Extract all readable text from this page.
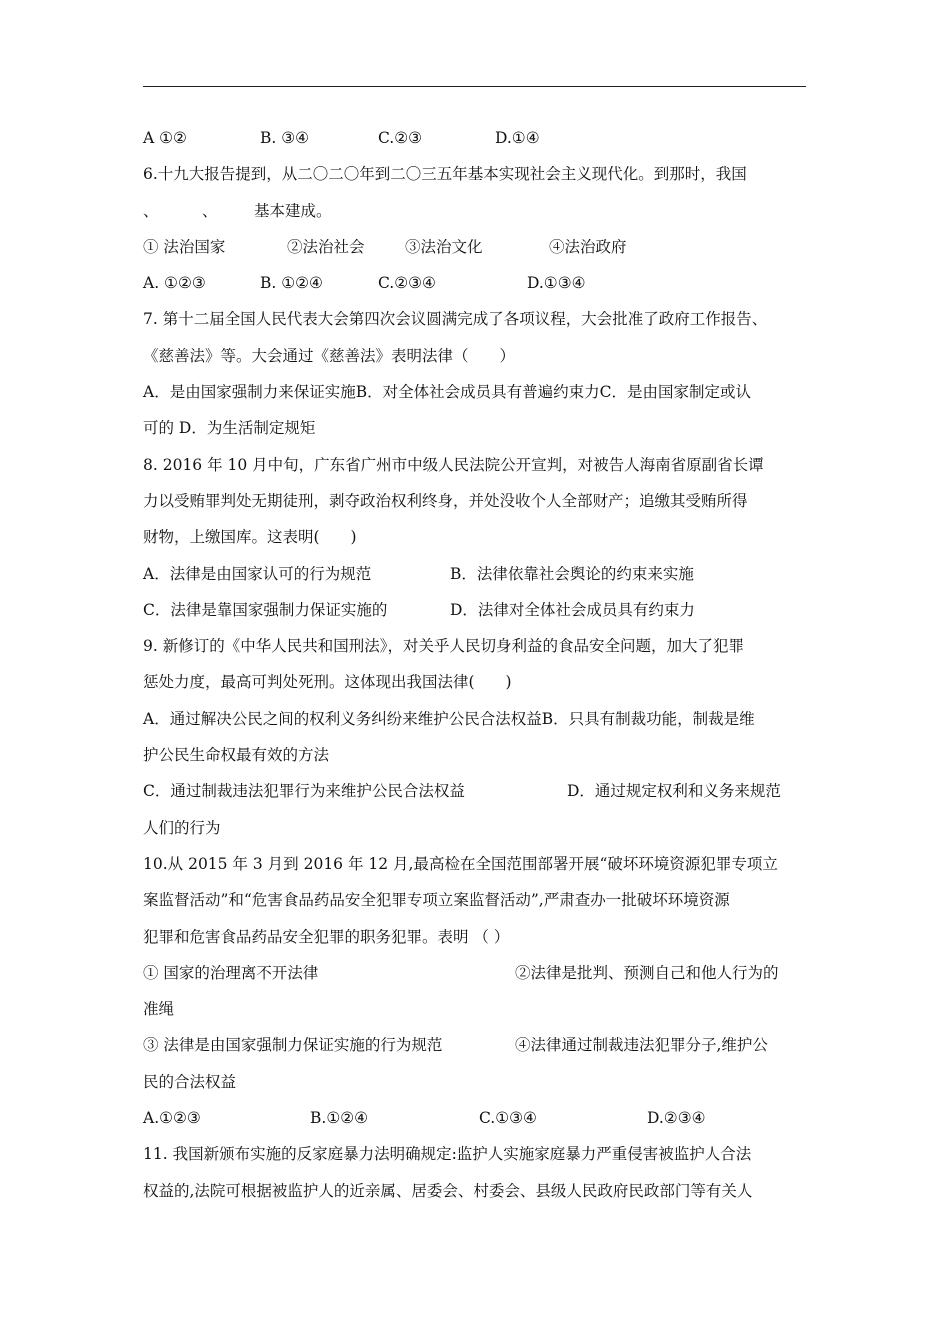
A ①②	B. ③④	C.②③	D.①④
6.十九大报告提到，从二〇二〇年到二〇三五年基本实现社会主义现代化。到那时，我国
、	、 基本建成。
① 法治国家	②法治社会	③法治文化	④法治政府
A. ①②③	B. ①②④	C.②③④	D.①③④
7. 第十二届全国人民代表大会第四次会议圆满完成了各项议程，大会批准了政府工作报告、
《慈善法》等。大会通过《慈善法》表明法律（　　）
A．是由国家强制力来保证实施B．对全体社会成员具有普遍约束力C．是由国家制定或认
可的 D．为生活制定规矩
8. 2016 年 10 月中旬，广东省广州市中级人民法院公开宣判，对被告人海南省原副省长谭
力以受贿罪判处无期徒刑，剥夺政治权利终身，并处没收个人全部财产；追缴其受贿所得
财物，上缴国库。这表明(　　)
A．法律是由国家认可的行为规范	B．法律依靠社会舆论的约束来实施
C．法律是靠国家强制力保证实施的	D．法律对全体社会成员具有约束力
9. 新修订的《中华人民共和国刑法》，对关乎人民切身利益的食品安全问题，加大了犯罪
惩处力度，最高可判处死刑。这体现出我国法律(　　)
A．通过解决公民之间的权利义务纠纷来维护公民合法权益B．只具有制裁功能，制裁是维
护公民生命权最有效的方法
C．通过制裁违法犯罪行为来维护公民合法权益	D．通过规定权利和义务来规范
人们的行为
10.从 2015 年 3 月到 2016 年 12 月,最高检在全国范围部署开展“破坏环境资源犯罪专项立
案监督活动”和“危害食品药品安全犯罪专项立案监督活动”,严肃查办一批破坏环境资源
犯罪和危害食品药品安全犯罪的职务犯罪。表明 （ ）
① 国家的治理离不开法律	②法律是批判、预测自己和他人行为的
准绳
③ 法律是由国家强制力保证实施的行为规范	④法律通过制裁违法犯罪分子,维护公
民的合法权益
A.①②③	B.①②④	C.①③④	D.②③④
11. 我国新颁布实施的反家庭暴力法明确规定:监护人实施家庭暴力严重侵害被监护人合法
权益的,法院可根据被监护人的近亲属、居委会、村委会、县级人民政府民政部门等有关人
